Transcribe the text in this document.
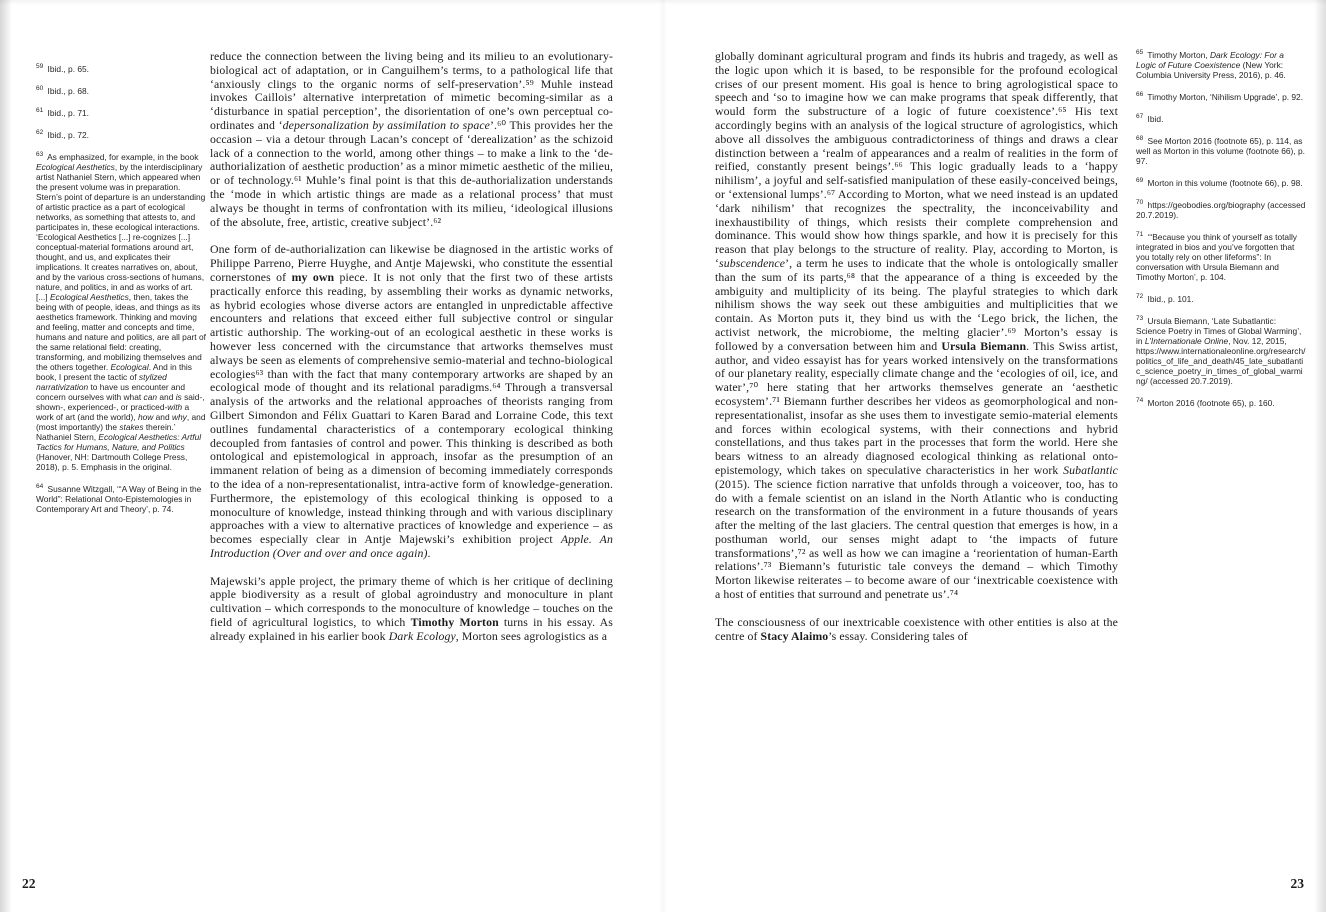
$^{59}$ Ibid., p. 65.
$^{60}$ Ibid., p. 68.
$^{61}$ Ibid., p. 71.
$^{62}$ Ibid., p. 72.
$^{63}$ As emphasized, for example, in the book Ecological Aesthetics, by the interdisciplinary artist Nathaniel Stern, which appeared when the present volume was in preparation. Stern’s point of departure is an understanding of artistic practice as a part of ecological networks, as something that attests to, and participates in, these ecological interactions. ‘Ecological Aesthetics [...] re-cognizes [...] conceptual-material formations around art, thought, and us, and explicates their implications. It creates narratives on, about, and by the various cross-sections of humans, nature, and politics, in and as works of art. [...] Ecological Aesthetics, then, takes the being with of people, ideas, and things as its aesthetics framework. Thinking and moving and feeling, matter and concepts and time, humans and nature and politics, are all part of the same relational field: creating, transforming, and mobilizing themselves and the others together. Ecological. And in this book, I present the tactic of stylized narrativization to have us encounter and concern ourselves with what can and is said-, shown-, experienced-, or practiced-with a work of art (and the world), how and why, and (most importantly) the stakes therein.’ Nathaniel Stern, Ecological Aesthetics: Artful Tactics for Humans, Nature, and Politics (Hanover, NH: Dartmouth College Press, 2018), p. 5. Emphasis in the original.
$^{64}$ Susanne Witzgall, ‘“A Way of Being in the World”: Relational Onto-Epistemologies in Contemporary Art and Theory’, p. 74.

reduce the connection between the living being and its milieu to an evolutionary-biological act of adaptation, or in Canguilhem’s terms, to a pathological life that ‘anxiously clings to the organic norms of self-preservation’.⁵⁹ Muhle instead invokes Caillois’ alternative interpretation of mimetic becoming-similar as a ‘disturbance in spatial perception’, the disorientation of one’s own perceptual co-ordinates and ‘depersonalization by assimilation to space’.⁶⁰ This provides her the occasion – via a detour through Lacan’s concept of ‘derealization’ as the schizoid lack of a connection to the world, among other things – to make a link to the ‘de-authorialization of aesthetic production’ as a minor mimetic aesthetic of the milieu, or of technology.⁶¹ Muhle’s final point is that this de-authorialization understands the ‘mode in which artistic things are made as a relational process’ that must always be thought in terms of confrontation with its milieu, ‘ideological illusions of the absolute, free, artistic, creative subject’.⁶²

One form of de-authorialization can likewise be diagnosed in the artistic works of Philippe Parreno, Pierre Huyghe, and Antje Majewski, who constitute the essential cornerstones of my own piece. It is not only that the first two of these artists practically enforce this reading, by assembling their works as dynamic networks, as hybrid ecologies whose diverse actors are entangled in unpredictable affective encounters and relations that exceed either full subjective control or singular artistic authorship. The working-out of an ecological aesthetic in these works is however less concerned with the circumstance that artworks themselves must always be seen as elements of comprehensive semio-material and techno-biological ecologies⁶³ than with the fact that many contemporary artworks are shaped by an ecological mode of thought and its relational paradigms.⁶⁴ Through a transversal analysis of the artworks and the relational approaches of theorists ranging from Gilbert Simondon and Félix Guattari to Karen Barad and Lorraine Code, this text outlines fundamental characteristics of a contemporary ecological thinking decoupled from fantasies of control and power. This thinking is described as both ontological and epistemological in approach, insofar as the presumption of an immanent relation of being as a dimension of becoming immediately corresponds to the idea of a non-representationalist, intra-active form of knowledge-generation. Furthermore, the epistemology of this ecological thinking is opposed to a monoculture of knowledge, instead thinking through and with various disciplinary approaches with a view to alternative practices of knowledge and experience – as becomes especially clear in Antje Majewski’s exhibition project Apple. An Introduction (Over and over and once again).

Majewski’s apple project, the primary theme of which is her critique of declining apple biodiversity as a result of global agroindustry and monoculture in plant cultivation – which corresponds to the monoculture of knowledge – touches on the field of agricultural logistics, to which Timothy Morton turns in his essay. As already explained in his earlier book Dark Ecology, Morton sees agrologistics as a

22

globally dominant agricultural program and finds its hubris and tragedy, as well as the logic upon which it is based, to be responsible for the profound ecological crises of our present moment. His goal is hence to bring agrologistical space to speech and ‘so to imagine how we can make programs that speak differently, that would form the substructure of a logic of future coexistence’.⁶⁵ His text accordingly begins with an analysis of the logical structure of agrologistics, which above all dissolves the ambiguous contradictoriness of things and draws a clear distinction between a ‘realm of appearances and a realm of realities in the form of reified, constantly present beings’.⁶⁶ This logic gradually leads to a ‘happy nihilism’, a joyful and self-satisfied manipulation of these easily-conceived beings, or ‘extensional lumps’.⁶⁷ According to Morton, what we need instead is an updated ‘dark nihilism’ that recognizes the spectrality, the inconceivability and inexhaustibility of things, which resists their complete comprehension and dominance. This would show how things sparkle, and how it is precisely for this reason that play belongs to the structure of reality. Play, according to Morton, is ‘subscendence’, a term he uses to indicate that the whole is ontologically smaller than the sum of its parts,⁶⁸ that the appearance of a thing is exceeded by the ambiguity and multiplicity of its being. The playful strategies to which dark nihilism shows the way seek out these ambiguities and multiplicities that we contain. As Morton puts it, they bind us with the ‘Lego brick, the lichen, the activist network, the microbiome, the melting glacier’.⁶⁹ Morton’s essay is followed by a conversation between him and Ursula Biemann. This Swiss artist, author, and video essayist has for years worked intensively on the transformations of our planetary reality, especially climate change and the ‘ecologies of oil, ice, and water’,⁷⁰ here stating that her artworks themselves generate an ‘aesthetic ecosystem’.⁷¹ Biemann further describes her videos as geomorphological and non-representationalist, insofar as she uses them to investigate semio-material elements and forces within ecological systems, with their connections and hybrid constellations, and thus takes part in the processes that form the world. Here she bears witness to an already diagnosed ecological thinking as relational onto-epistemology, which takes on speculative characteristics in her work Subatlantic (2015). The science fiction narrative that unfolds through a voiceover, too, has to do with a female scientist on an island in the North Atlantic who is conducting research on the transformation of the environment in a future thousands of years after the melting of the last glaciers. The central question that emerges is how, in a posthuman world, our senses might adapt to ‘the impacts of future transformations’,⁷² as well as how we can imagine a ‘reorientation of human-Earth relations’.⁷³ Biemann’s futuristic tale conveys the demand – which Timothy Morton likewise reiterates – to become aware of our ‘inextricable coexistence with a host of entities that surround and penetrate us’.⁷⁴

The consciousness of our inextricable coexistence with other entities is also at the centre of Stacy Alaimo’s essay. Considering tales of

$^{65}$ Timothy Morton, Dark Ecology: For a Logic of Future Coexistence (New York: Columbia University Press, 2016), p. 46.
$^{66}$ Timothy Morton, ‘Nihilism Upgrade’, p. 92.
$^{67}$ Ibid.
$^{68}$ See Morton 2016 (footnote 65), p. 114, as well as Morton in this volume (footnote 66), p. 97.
$^{69}$ Morton in this volume (footnote 66), p. 98.
$^{70}$ https://geobodies.org/biography (accessed 20.7.2019).
$^{71}$ ‘“Because you think of yourself as totally integrated in bios and you’ve forgotten that you totally rely on other lifeforms”: In conversation with Ursula Biemann and Timothy Morton’, p. 104.
$^{72}$ Ibid., p. 101.
$^{73}$ Ursula Biemann, ‘Late Subatlantic: Science Poetry in Times of Global Warming’, in L’Internationale Online, Nov. 12, 2015, https://www.internationaleonline.org/research/politics_of_life_and_death/45_late_subatlantic_science_poetry_in_times_of_global_warming/ (accessed 20.7.2019).
$^{74}$ Morton 2016 (footnote 65), p. 160.
23
